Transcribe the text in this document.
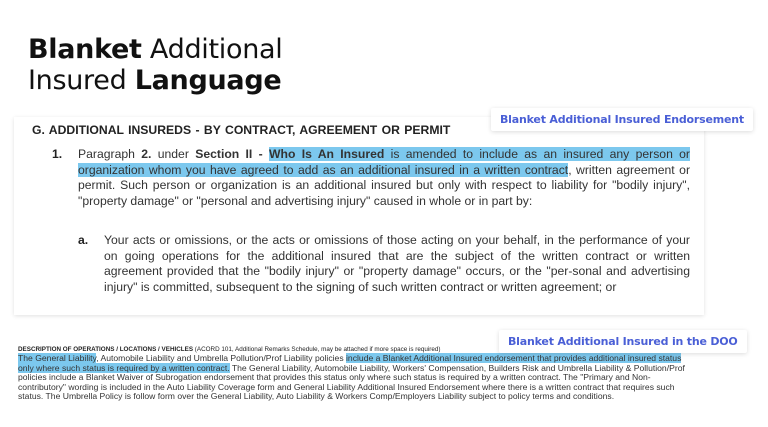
Blanket Additional
Insured Language
G. ADDITIONAL INSUREDS - BY CONTRACT, AGREEMENT OR PERMIT
1. Paragraph 2. under Section II - Who Is An Insured is amended to include as an insured any person or organization whom you have agreed to add as an additional insured in a written contract, written agreement or permit. Such person or organization is an additional insured but only with respect to liability for "bodily injury", "property damage" or "personal and advertising injury" caused in whole or in part by:
a. Your acts or omissions, or the acts or omissions of those acting on your behalf, in the performance of your on going operations for the additional insured that are the subject of the written contract or written agreement provided that the "bodily injury" or "property damage" occurs, or the "per-sonal and advertising injury" is committed, subsequent to the signing of such written contract or written agreement; or
Blanket Additional Insured Endorsement
DESCRIPTION OF OPERATIONS / LOCATIONS / VEHICLES (ACORD 101, Additional Remarks Schedule, may be attached if more space is required)
The General Liability, Automobile Liability and Umbrella Pollution/Prof Liability policies include a Blanket Additional Insured endorsement that provides additional insured status only where such status is required by a written contract. The General Liability, Automobile Liability, Workers' Compensation, Builders Risk and Umbrella Liability & Pollution/Prof policies include a Blanket Waiver of Subrogation endorsement that provides this status only where such status is required by a written contract. The "Primary and Non-contributory" wording is included in the Auto Liability Coverage form and General Liability Additional Insured Endorsement where there is a written contract that requires such status. The Umbrella Policy is follow form over the General Liability, Auto Liability & Workers Comp/Employers Liability subject to policy terms and conditions.
Blanket Additional Insured in the DOO
